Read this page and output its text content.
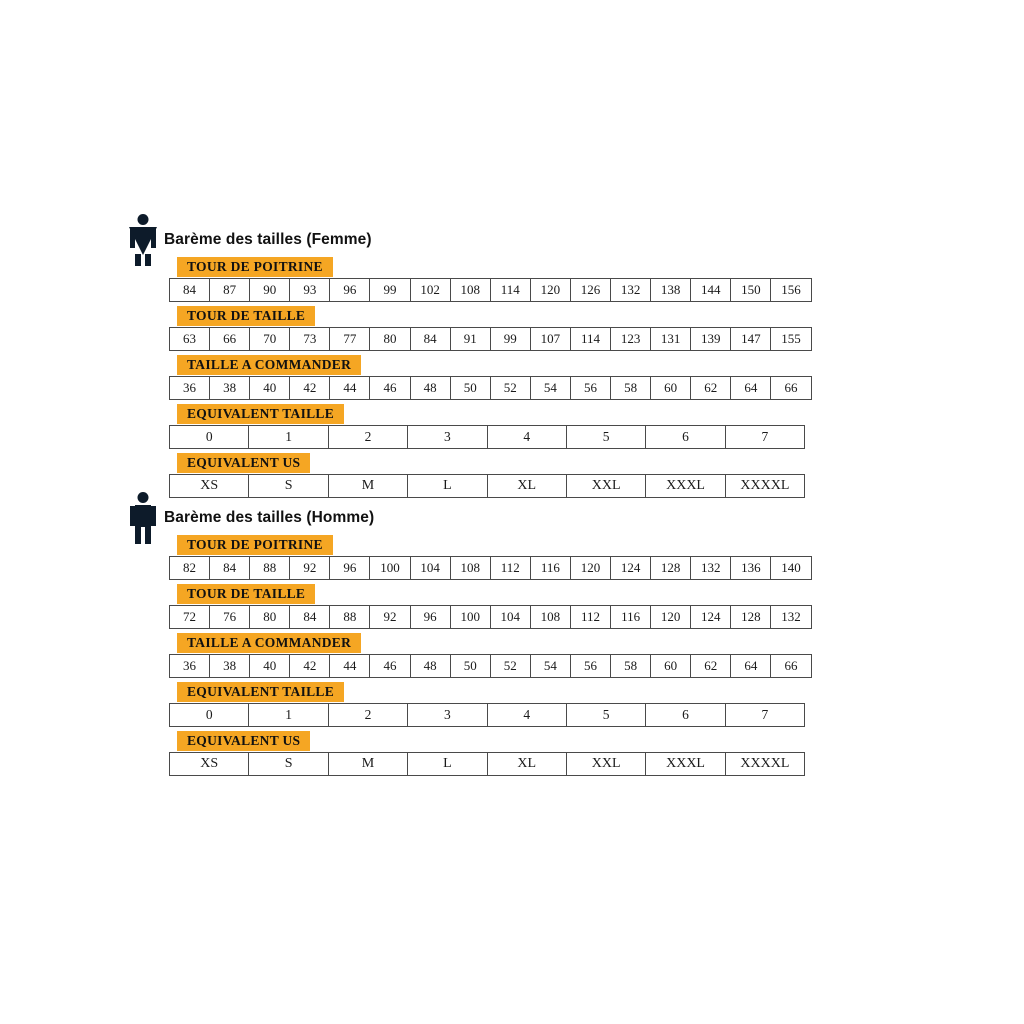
Barème des tailles (Femme)
TOUR DE POITRINE
84	87	90	93	96	99	102	108	114	120	126	132	138	144	150	156
TOUR DE TAILLE
63	66	70	73	77	80	84	91	99	107	114	123	131	139	147	155
TAILLE A COMMANDER
36	38	40	42	44	46	48	50	52	54	56	58	60	62	64	66
EQUIVALENT TAILLE
0	1	2	3	4	5	6	7
EQUIVALENT US
XS	S	M	L	XL	XXL	XXXL	XXXXL
Barème des tailles (Homme)
TOUR DE POITRINE
82	84	88	92	96	100	104	108	112	116	120	124	128	132	136	140
TOUR DE TAILLE
72	76	80	84	88	92	96	100	104	108	112	116	120	124	128	132
TAILLE A COMMANDER
36	38	40	42	44	46	48	50	52	54	56	58	60	62	64	66
EQUIVALENT TAILLE
0	1	2	3	4	5	6	7
EQUIVALENT US
XS	S	M	L	XL	XXL	XXXL	XXXXL
